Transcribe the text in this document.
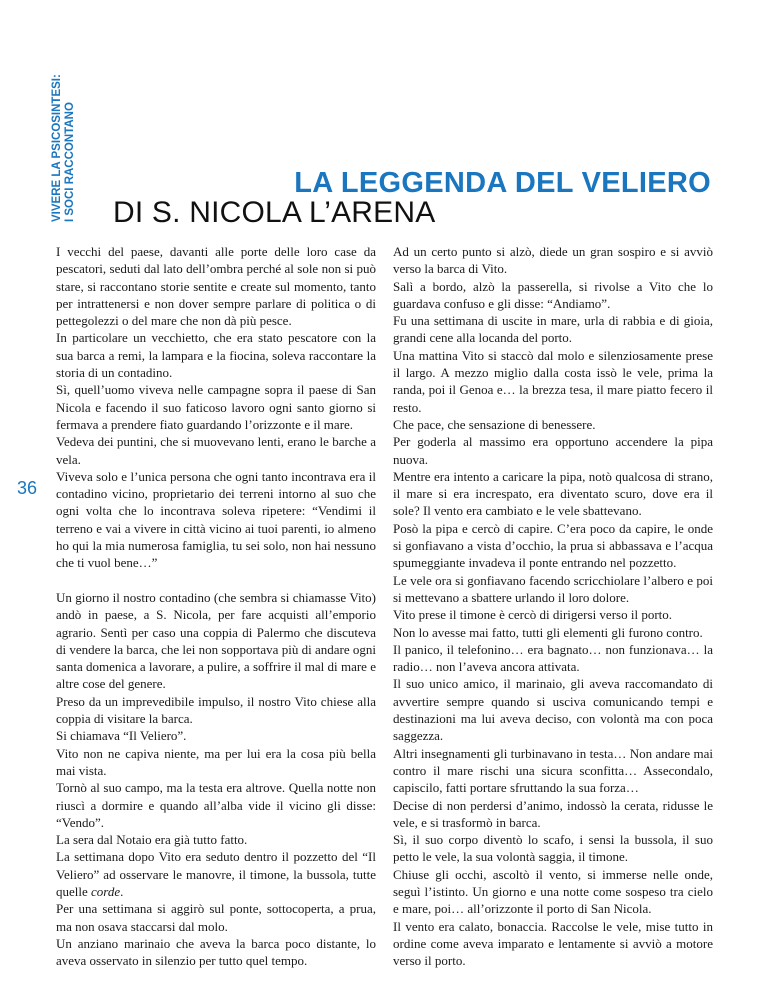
VIVERE LA PSICOSINTESI: I SOCI RACCONTANO	LA LEGGENDA DEL VELIERO
DI S. NICOLA L’ARENA
36

I vecchi del paese, davanti alle porte delle loro case da pescatori, seduti dal lato dell’ombra perché al sole non si può stare, si raccontano storie sentite e create sul momento, tanto per intrattenersi e non dover sempre parlare di politica o di pettegolezzi o del mare che non dà più pesce.

In particolare un vecchietto, che era stato pescatore con la sua barca a remi, la lampara e la fiocina, soleva raccontare la storia di un contadino.

Sì, quell’uomo viveva nelle campagne sopra il paese di San Nicola e facendo il suo faticoso lavoro ogni santo giorno si fermava a prendere fiato guardando l’orizzonte e il mare.

Vedeva dei puntini, che si muovevano lenti, erano le barche a vela.

Viveva solo e l’unica persona che ogni tanto incontrava era il contadino vicino, proprietario dei terreni intorno al suo che ogni volta che lo incontrava soleva ripetere: “Vendimi il terreno e vai a vivere in città vicino ai tuoi parenti, io almeno ho qui la mia numerosa famiglia, tu sei solo, non hai nessuno che ti vuol bene…”

Un giorno il nostro contadino (che sembra si chiamasse Vito) andò in paese, a S. Nicola, per fare acquisti all’emporio agrario. Sentì per caso una coppia di Palermo che discuteva di vendere la barca, che lei non sopportava più di andare ogni santa domenica a lavorare, a pulire, a soffrire il mal di mare e altre cose del genere.

Preso da un imprevedibile impulso, il nostro Vito chiese alla coppia di visitare la barca.

Si chiamava “Il Veliero”.

Vito non ne capiva niente, ma per lui era la cosa più bella mai vista.

Tornò al suo campo, ma la testa era altrove. Quella notte non riuscì a dormire e quando all’alba vide il vicino gli disse: “Vendo”.

La sera dal Notaio era già tutto fatto.

La settimana dopo Vito era seduto dentro il pozzetto del “Il Veliero” ad osservare le manovre, il timone, la bussola, tutte quelle corde.

Per una settimana si aggirò sul ponte, sottocoperta, a prua, ma non osava staccarsi dal molo.

Un anziano marinaio che aveva la barca poco distante, lo aveva osservato in silenzio per tutto quel tempo.

Ad un certo punto si alzò, diede un gran sospiro e si avviò verso la barca di Vito.

Salì a bordo, alzò la passerella, si rivolse a Vito che lo guardava confuso e gli disse: “Andiamo”.

Fu una settimana di uscite in mare, urla di rabbia e di gioia, grandi cene alla locanda del porto.

Una mattina Vito si staccò dal molo e silenziosamente prese il largo. A mezzo miglio dalla costa issò le vele, prima la randa, poi il Genoa e… la brezza tesa, il mare piatto fecero il resto.

Che pace, che sensazione di benessere.

Per goderla al massimo era opportuno accendere la pipa nuova.

Mentre era intento a caricare la pipa, notò qualcosa di strano, il mare si era increspato, era diventato scuro, dove era il sole? Il vento era cambiato e le vele sbattevano.

Posò la pipa e cercò di capire. C’era poco da capire, le onde si gonfiavano a vista d’occhio, la prua si abbassava e l’acqua spumeggiante invadeva il ponte entrando nel pozzetto.

Le vele ora si gonfiavano facendo scricchiolare l’albero e poi si mettevano a sbattere urlando il loro dolore.

Vito prese il timone è cercò di dirigersi verso il porto.

Non lo avesse mai fatto, tutti gli elementi gli furono contro.

Il panico, il telefonino… era bagnato… non funzionava… la radio… non l’aveva ancora attivata.

Il suo unico amico, il marinaio, gli aveva raccomandato di avvertire sempre quando si usciva comunicando tempi e destinazioni ma lui aveva deciso, con volontà ma con poca saggezza.

Altri insegnamenti gli turbinavano in testa… Non andare mai contro il mare rischi una sicura sconfitta… Assecondalo, capiscilo, fatti portare sfruttando la sua forza…

Decise di non perdersi d’animo, indossò la cerata, ridusse le vele, e si trasformò in barca.

Sì, il suo corpo diventò lo scafo, i sensi la bussola, il suo petto le vele, la sua volontà saggia, il timone.

Chiuse gli occhi, ascoltò il vento, si immerse nelle onde, seguì l’istinto. Un giorno e una notte come sospeso tra cielo e mare, poi… all’orizzonte il porto di San Nicola.

Il vento era calato, bonaccia. Raccolse le vele, mise tutto in ordine come aveva imparato e lentamente si avviò a motore verso il porto.
